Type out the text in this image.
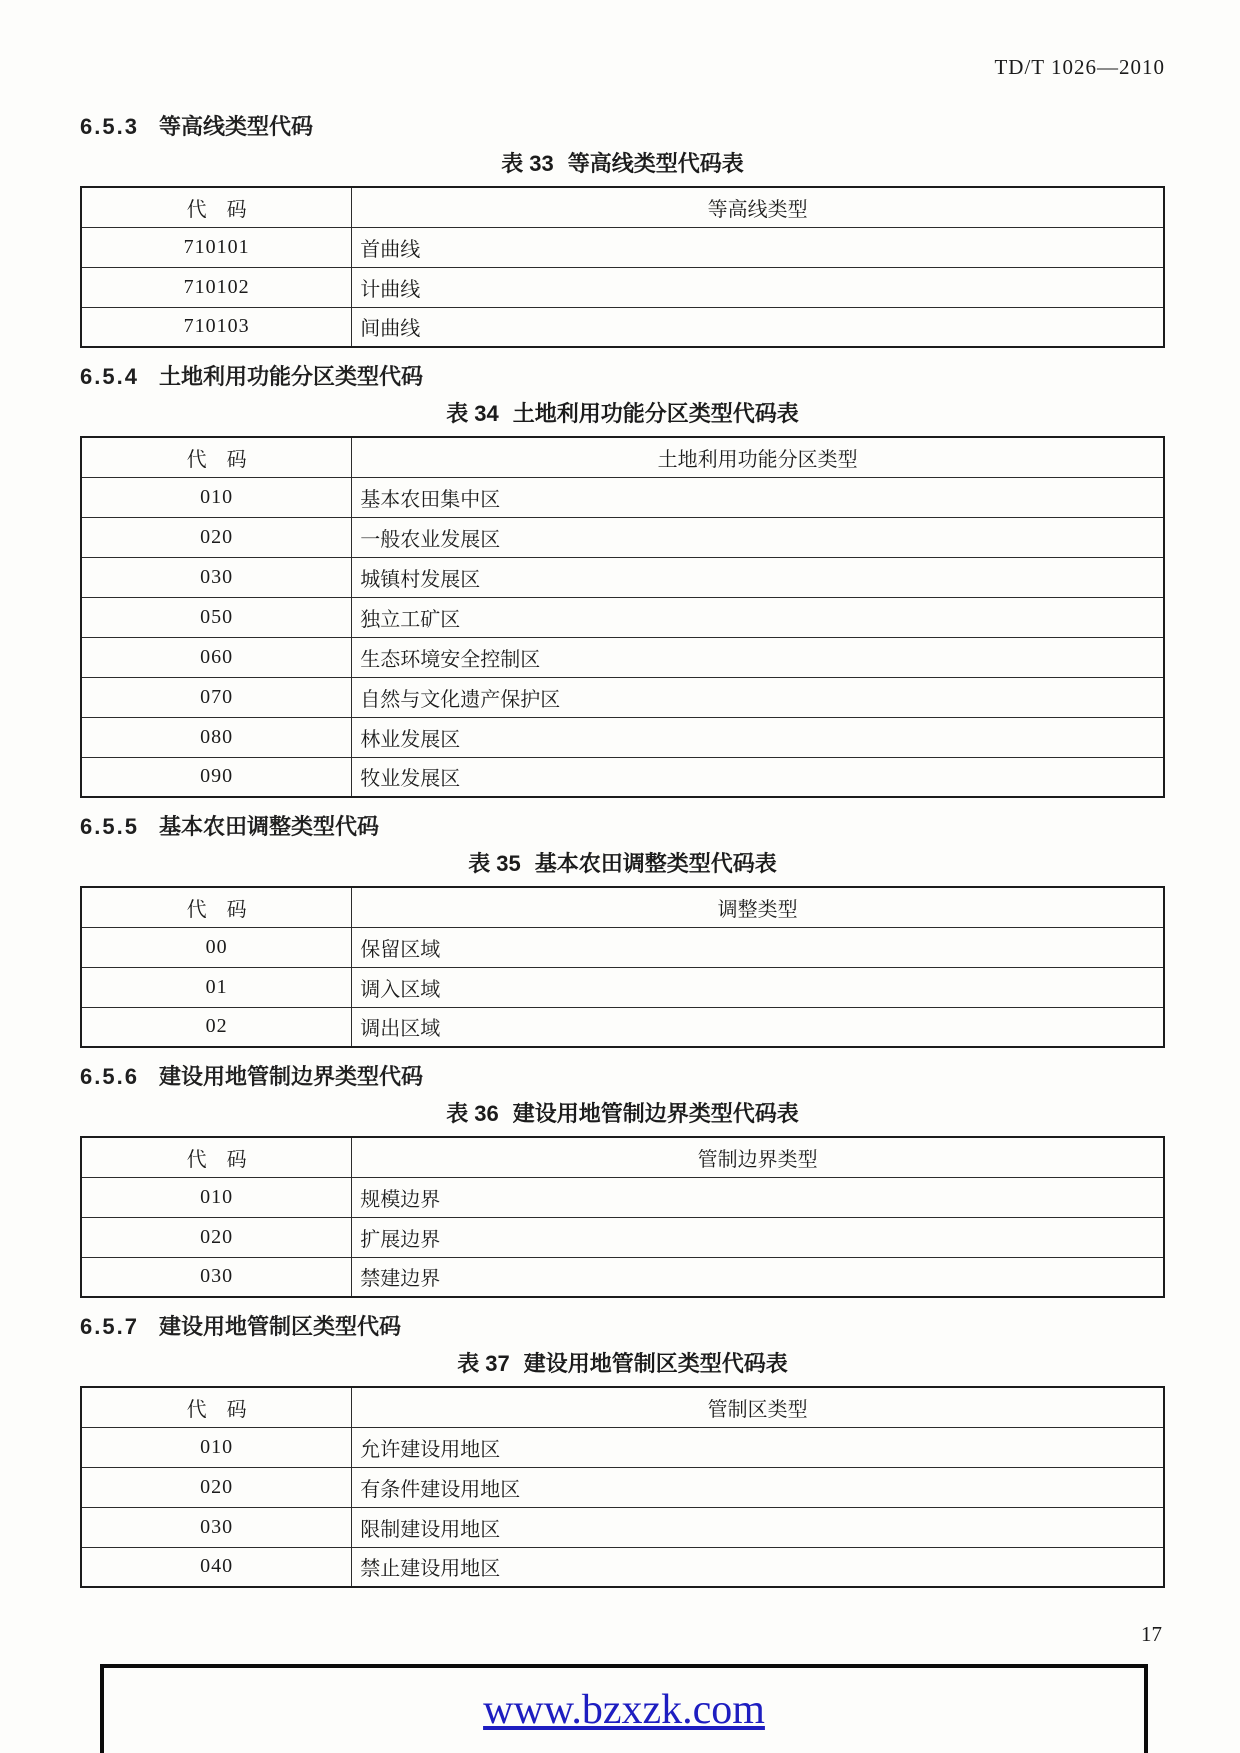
TD/T 1026—2010
6.5.3 等高线类型代码
表 33 等高线类型代码表
代　码	等高线类型
710101	首曲线
710102	计曲线
710103	间曲线
6.5.4 土地利用功能分区类型代码
表 34 土地利用功能分区类型代码表
代　码	土地利用功能分区类型
010	基本农田集中区
020	一般农业发展区
030	城镇村发展区
050	独立工矿区
060	生态环境安全控制区
070	自然与文化遗产保护区
080	林业发展区
090	牧业发展区
6.5.5 基本农田调整类型代码
表 35 基本农田调整类型代码表
代　码	调整类型
00	保留区域
01	调入区域
02	调出区域
6.5.6 建设用地管制边界类型代码
表 36 建设用地管制边界类型代码表
代　码	管制边界类型
010	规模边界
020	扩展边界
030	禁建边界
6.5.7 建设用地管制区类型代码
表 37 建设用地管制区类型代码表
代　码	管制区类型
010	允许建设用地区
020	有条件建设用地区
030	限制建设用地区
040	禁止建设用地区
17
www.bzxzk.com
